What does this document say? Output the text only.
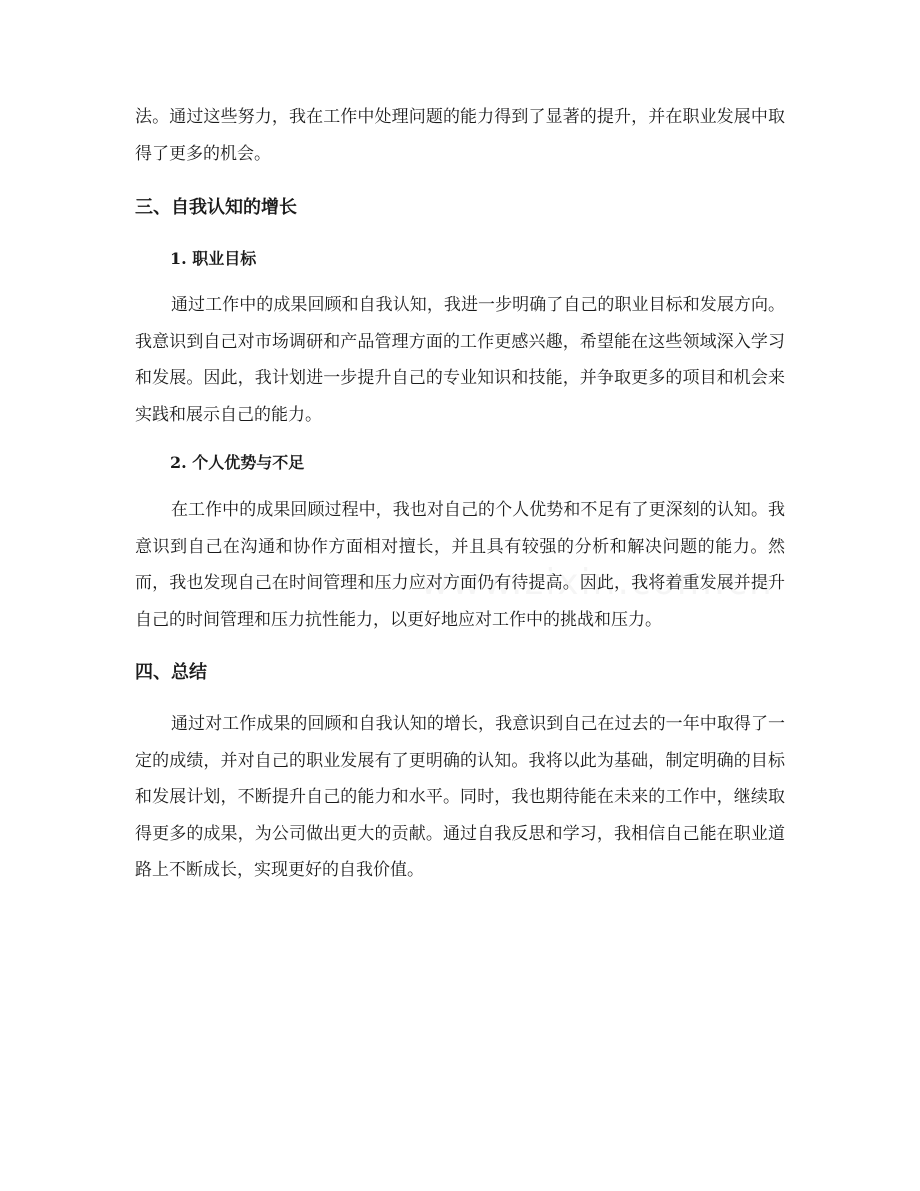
法。通过这些努力，我在工作中处理问题的能力得到了显著的提升，并在职业发展中取得了更多的机会。

三、自我认知的增长
1. 职业目标

通过工作中的成果回顾和自我认知，我进一步明确了自己的职业目标和发展方向。我意识到自己对市场调研和产品管理方面的工作更感兴趣，希望能在这些领域深入学习和发展。因此，我计划进一步提升自己的专业知识和技能，并争取更多的项目和机会来实践和展示自己的能力。

2. 个人优势与不足

在工作中的成果回顾过程中，我也对自己的个人优势和不足有了更深刻的认知。我意识到自己在沟通和协作方面相对擅长，并且具有较强的分析和解决问题的能力。然而，我也发现自己在时间管理和压力应对方面仍有待提高。因此，我将着重发展并提升自己的时间管理和压力抗性能力，以更好地应对工作中的挑战和压力。

四、总结

通过对工作成果的回顾和自我认知的增长，我意识到自己在过去的一年中取得了一定的成绩，并对自己的职业发展有了更明确的认知。我将以此为基础，制定明确的目标和发展计划，不断提升自己的能力和水平。同时，我也期待能在未来的工作中，继续取得更多的成果，为公司做出更大的贡献。通过自我反思和学习，我相信自己能在职业道路上不断成长，实现更好的自我价值。
